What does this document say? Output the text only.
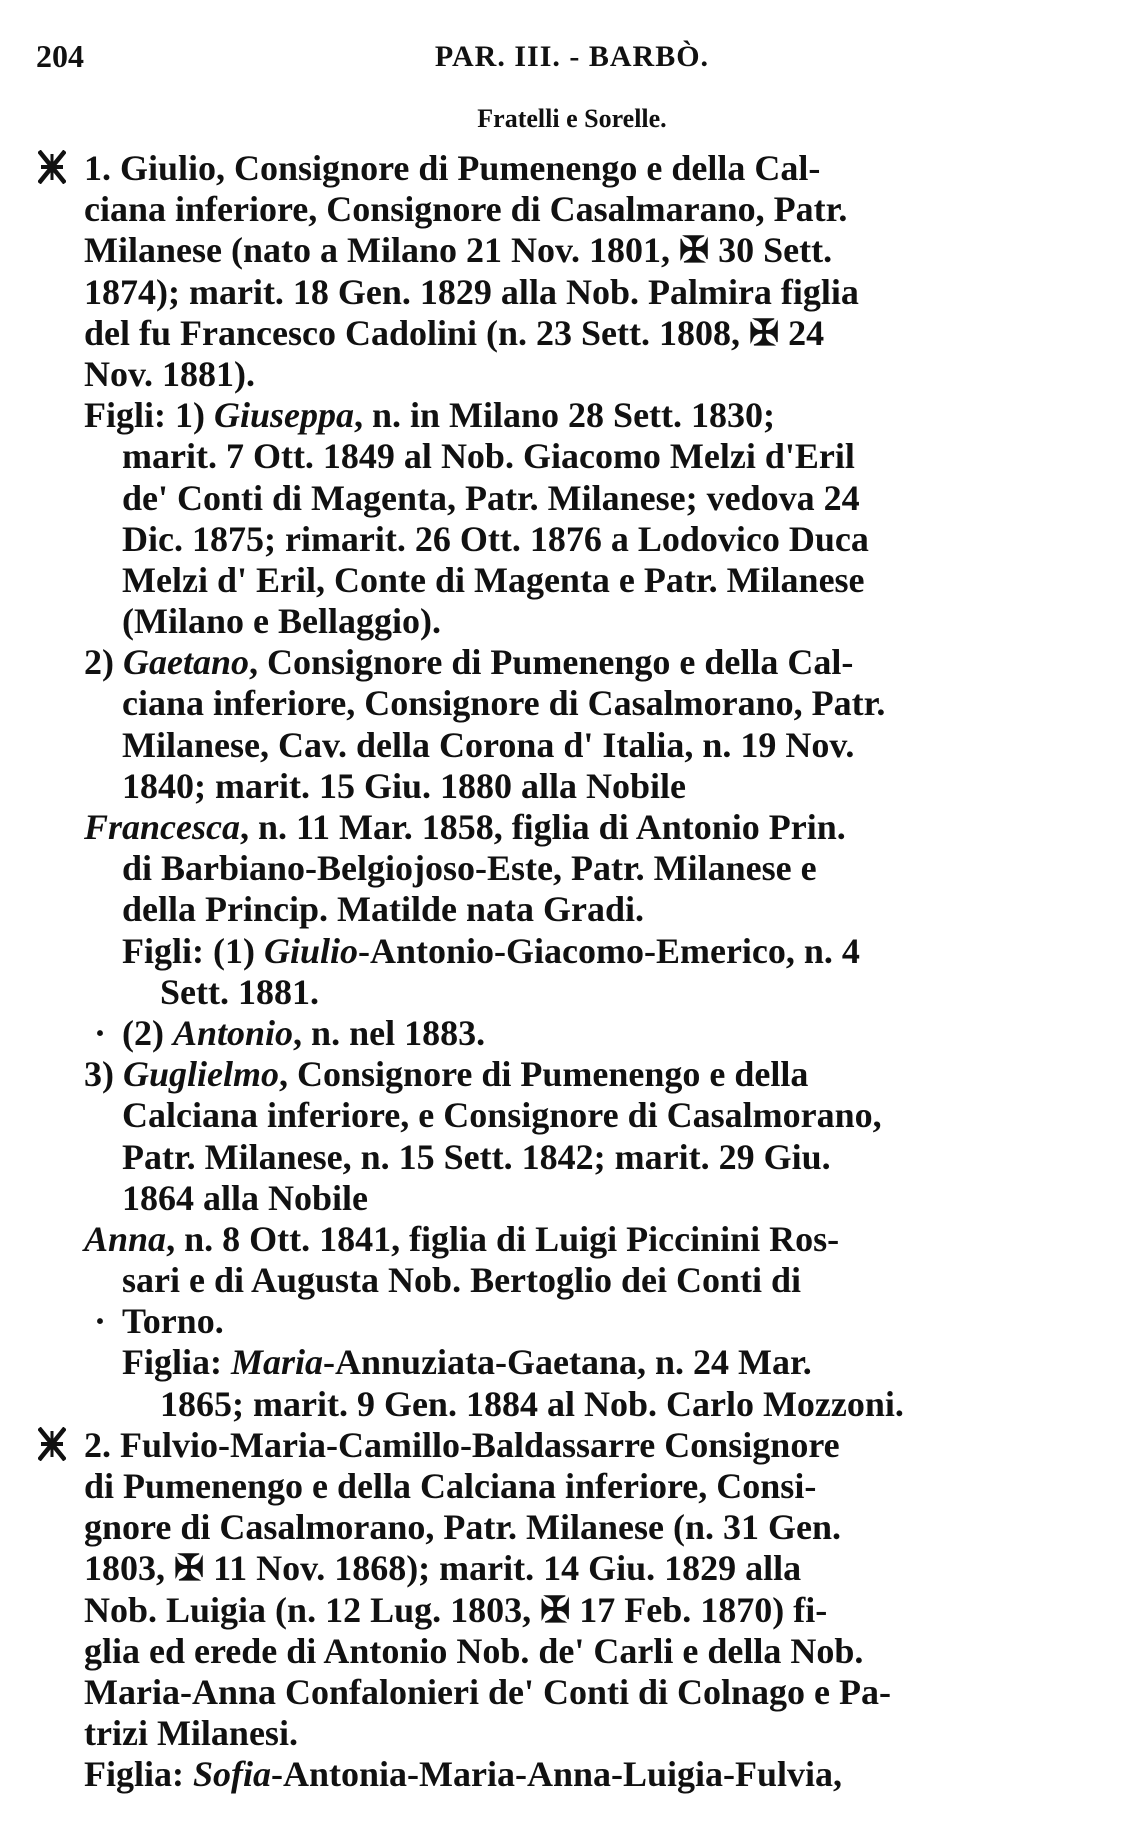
204	PAR. III. - BARBÒ.
Fratelli e Sorelle.
1. Giulio, Consignore di Pumenengo e della Cal-
ciana inferiore, Consignore di Casalmarano, Patr.
Milanese (nato a Milano 21 Nov. 1801, ✠ 30 Sett.
1874); marit. 18 Gen. 1829 alla Nob. Palmira figlia
del fu Francesco Cadolini (n. 23 Sett. 1808, ✠ 24
Nov. 1881).
Figli: 1) Giuseppa, n. in Milano 28 Sett. 1830;
marit. 7 Ott. 1849 al Nob. Giacomo Melzi d'Eril
de' Conti di Magenta, Patr. Milanese; vedova 24
Dic. 1875; rimarit. 26 Ott. 1876 a Lodovico Duca
Melzi d' Eril, Conte di Magenta e Patr. Milanese
(Milano e Bellaggio).
2) Gaetano, Consignore di Pumenengo e della Cal-
ciana inferiore, Consignore di Casalmorano, Patr.
Milanese, Cav. della Corona d' Italia, n. 19 Nov.
1840; marit. 15 Giu. 1880 alla Nobile
Francesca, n. 11 Mar. 1858, figlia di Antonio Prin.
di Barbiano-Belgiojoso-Este, Patr. Milanese e
della Princip. Matilde nata Gradi.
Figli: (1) Giulio-Antonio-Giacomo-Emerico, n. 4
Sett. 1881.
· (2) Antonio, n. nel 1883.
3) Guglielmo, Consignore di Pumenengo e della
Calciana inferiore, e Consignore di Casalmorano,
Patr. Milanese, n. 15 Sett. 1842; marit. 29 Giu.
1864 alla Nobile
Anna, n. 8 Ott. 1841, figlia di Luigi Piccinini Ros-
sari e di Augusta Nob. Bertoglio dei Conti di
· Torno.
Figlia: Maria-Annuziata-Gaetana, n. 24 Mar.
1865; marit. 9 Gen. 1884 al Nob. Carlo Mozzoni.
2. Fulvio-Maria-Camillo-Baldassarre Consignore
di Pumenengo e della Calciana inferiore, Consi-
gnore di Casalmorano, Patr. Milanese (n. 31 Gen.
1803, ✠ 11 Nov. 1868); marit. 14 Giu. 1829 alla
Nob. Luigia (n. 12 Lug. 1803, ✠ 17 Feb. 1870) fi-
glia ed erede di Antonio Nob. de' Carli e della Nob.
Maria-Anna Confalonieri de' Conti di Colnago e Pa-
trizi Milanesi.
Figlia: Sofia-Antonia-Maria-Anna-Luigia-Fulvia,
